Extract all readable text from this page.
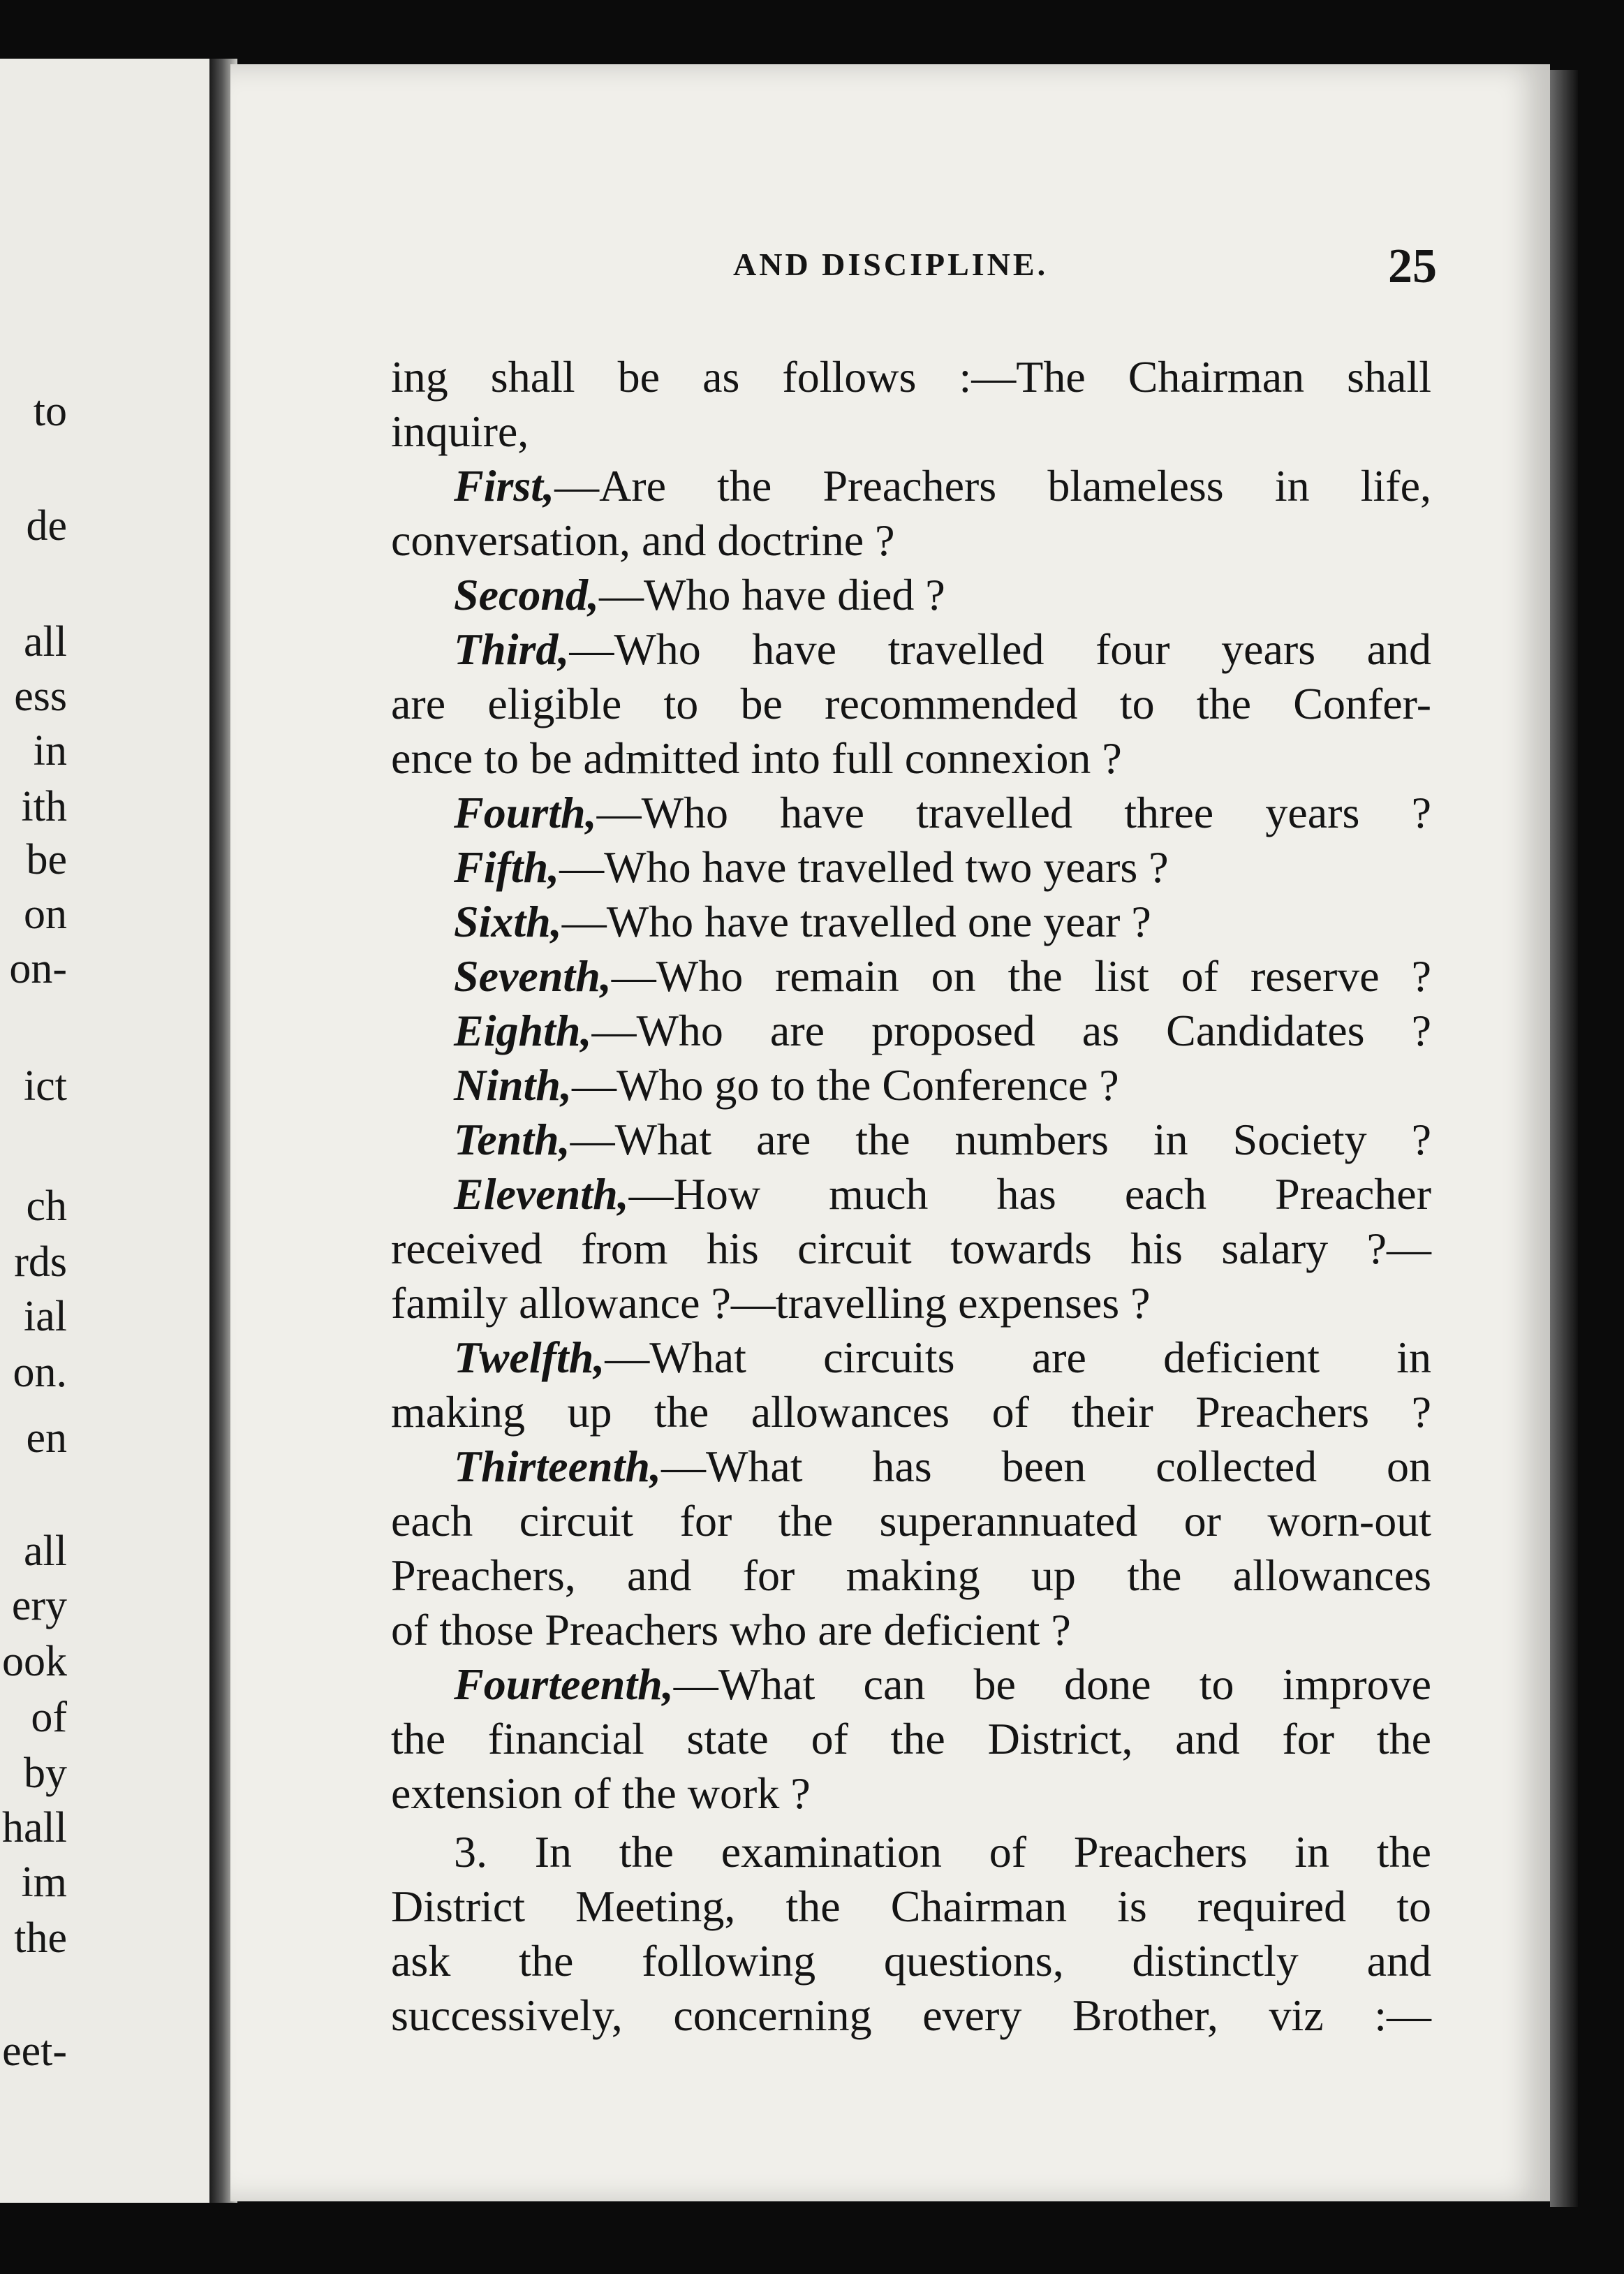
to
de
all
ess
in
ith
be
on
on-
ict
ch
rds
ial
on.
en
all
ery
ook
of
by
hall
im
the
eet-
AND DISCIPLINE.	25
ing shall be as follows :—The Chairman shall
inquire,
First,—Are the Preachers blameless in life,
conversation, and doctrine ?
Second,—Who have died ?
Third,—Who have travelled four years and
are eligible to be recommended to the Confer-
ence to be admitted into full connexion ?
Fourth,—Who have travelled three years ?
Fifth,—Who have travelled two years ?
Sixth,—Who have travelled one year ?
Seventh,—Who remain on the list of reserve ?
Eighth,—Who are proposed as Candidates ?
Ninth,—Who go to the Conference ?
Tenth,—What are the numbers in Society ?
Eleventh,—How much has each Preacher
received from his circuit towards his salary ?—
family allowance ?—travelling expenses ?
Twelfth,—What circuits are deficient in
making up the allowances of their Preachers ?
Thirteenth,—What has been collected on
each circuit for the superannuated or worn-out
Preachers, and for making up the allowances
of those Preachers who are deficient ?
Fourteenth,—What can be done to improve
the financial state of the District, and for the
extension of the work ?
3. In the examination of Preachers in the
District Meeting, the Chairman is required to
ask the following questions, distinctly and
successively, concerning every Brother, viz :—
